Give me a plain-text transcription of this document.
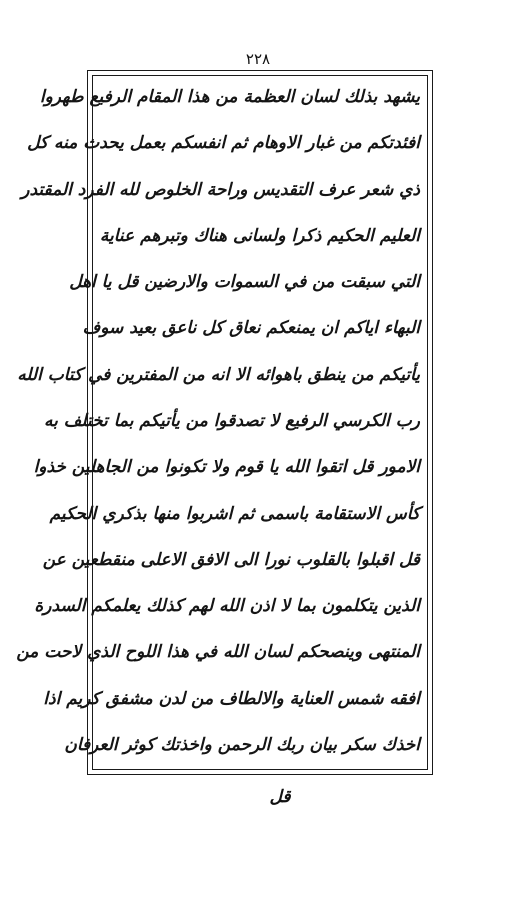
۲۲۸
يشهد بذلك لسان العظمة من هذا المقام الرفيع طهروا
افئدتكم من غبار الاوهام ثم انفسكم بعمل يحدث منه كل
ذي شعر عرف التقديس وراحة الخلوص لله الفرد المقتدر
العليم الحكيم ذكرا ولسانى هناك وتبرهم عناية
التي سبقت من في السموات والارضين قل يا اهل
البهاء اياكم ان يمنعكم نعاق كل ناعق بعيد سوف
يأتيكم من ينطق باهوائه الا انه من المفترين في كتاب الله
رب الكرسي الرفيع لا تصدقوا من يأتيكم بما تختلف به
الامور قل اتقوا الله يا قوم ولا تكونوا من الجاهلين خذوا
كأس الاستقامة باسمى ثم اشربوا منها بذكري الحكيم
قل اقبلوا بالقلوب نورا الى الافق الاعلى منقطعين عن
الذين يتكلمون بما لا اذن الله لهم كذلك يعلمكم السدرة
المنتهى وينصحكم لسان الله في هذا اللوح الذي لاحت من
افقه شمس العناية والالطاف من لدن مشفق كريم اذا
اخذك سكر بيان ربك الرحمن واخذتك كوثر العرفان
قل
